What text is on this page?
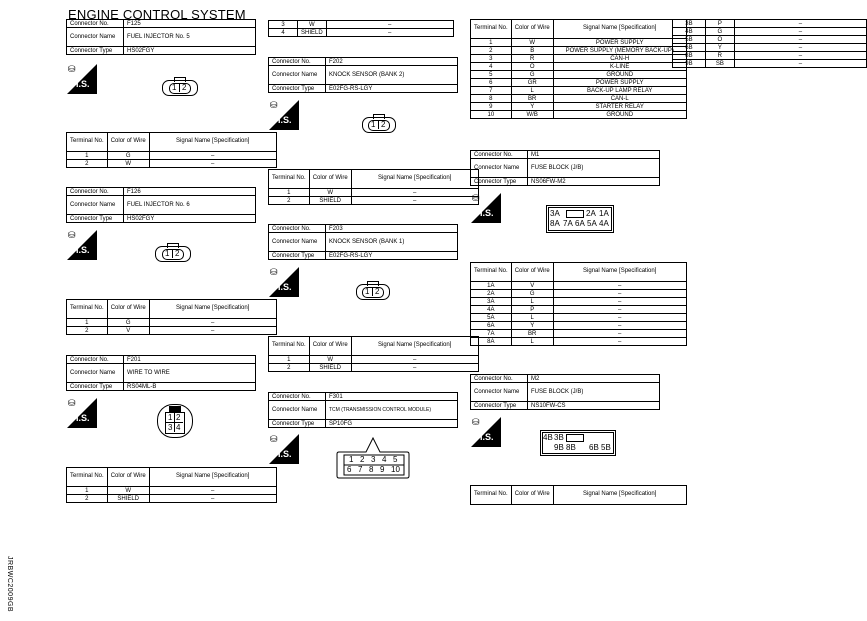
ENGINE CONTROL SYSTEM
JRBWC2009GB
Connector No.	F125
Connector Name	FUEL INJECTOR No. 5
Connector Type	HS02FGY
⛁
H.S.	1 2
Terminal No.	Color of Wire	Signal Name [Specification]
1	G	–
2	W	–
Connector No.	F126
Connector Name	FUEL INJECTOR No. 6
Connector Type	HS02FGY
⛁
H.S.	1 2
Terminal No.	Color of Wire	Signal Name [Specification]
1	G	–
2	V	–
Connector No.	F201
Connector Name	WIRE TO WIRE
Connector Type	RS04ML-B
⛁
H.S.	1 2
3 4
Terminal No.	Color of Wire	Signal Name [Specification]
1	W	–
2	SHIELD	–
3	W	–
4	SHIELD	–
Connector No.	F202
Connector Name	KNOCK SENSOR (BANK 2)
Connector Type	E02FG-RS-LGY
⛁
H.S.	1 2
Terminal No.	Color of Wire	Signal Name [Specification]
1	W	–
2	SHIELD	–
Connector No.	F203
Connector Name	KNOCK SENSOR (BANK 1)
Connector Type	E02FG-RS-LGY
⛁
H.S.	1 2
Terminal No.	Color of Wire	Signal Name [Specification]
1	W	–
2	SHIELD	–
Connector No.	F301
Connector Name	TCM (TRANSMISSION CONTROL MODULE)
Connector Type	SP10FG
⛁
H.S.
1 2 3 4 5
6 7 8 9 10
Terminal No.	Color of Wire	Signal Name [Specification]
1	W	POWER SUPPLY
2	B	POWER SUPPLY (MEMORY BACK-UP)
3	R	CAN-H
4	O	K-LINE
5	G	GROUND
6	GR	POWER SUPPLY
7	L	BACK-UP LAMP RELAY
8	BR	CAN-L
9	Y	STARTER RELAY
10	W/B	GROUND
Connector No.	M1
Connector Name	FUSE BLOCK (J/B)
Connector Type	NS06FW-M2
⛁
H.S.	3A	2A 1A
8A 7A 6A 5A 4A
Terminal No.	Color of Wire	Signal Name [Specification]
1A	V	–
2A	G	–
3A	L	–
4A	P	–
5A	L	–
6A	Y	–
7A	BR	–
8A	L	–
Connector No.	M2
Connector Name	FUSE BLOCK (J/B)
Connector Type	NS10FW-CS
⛁
H.S.	4B 3B
9B 8B 6B 5B
Terminal No.	Color of Wire	Signal Name [Specification]
3B	P	–
4B	G	–
5B	O	–
6B	Y	–
8B	R	–
9B	SB	–
